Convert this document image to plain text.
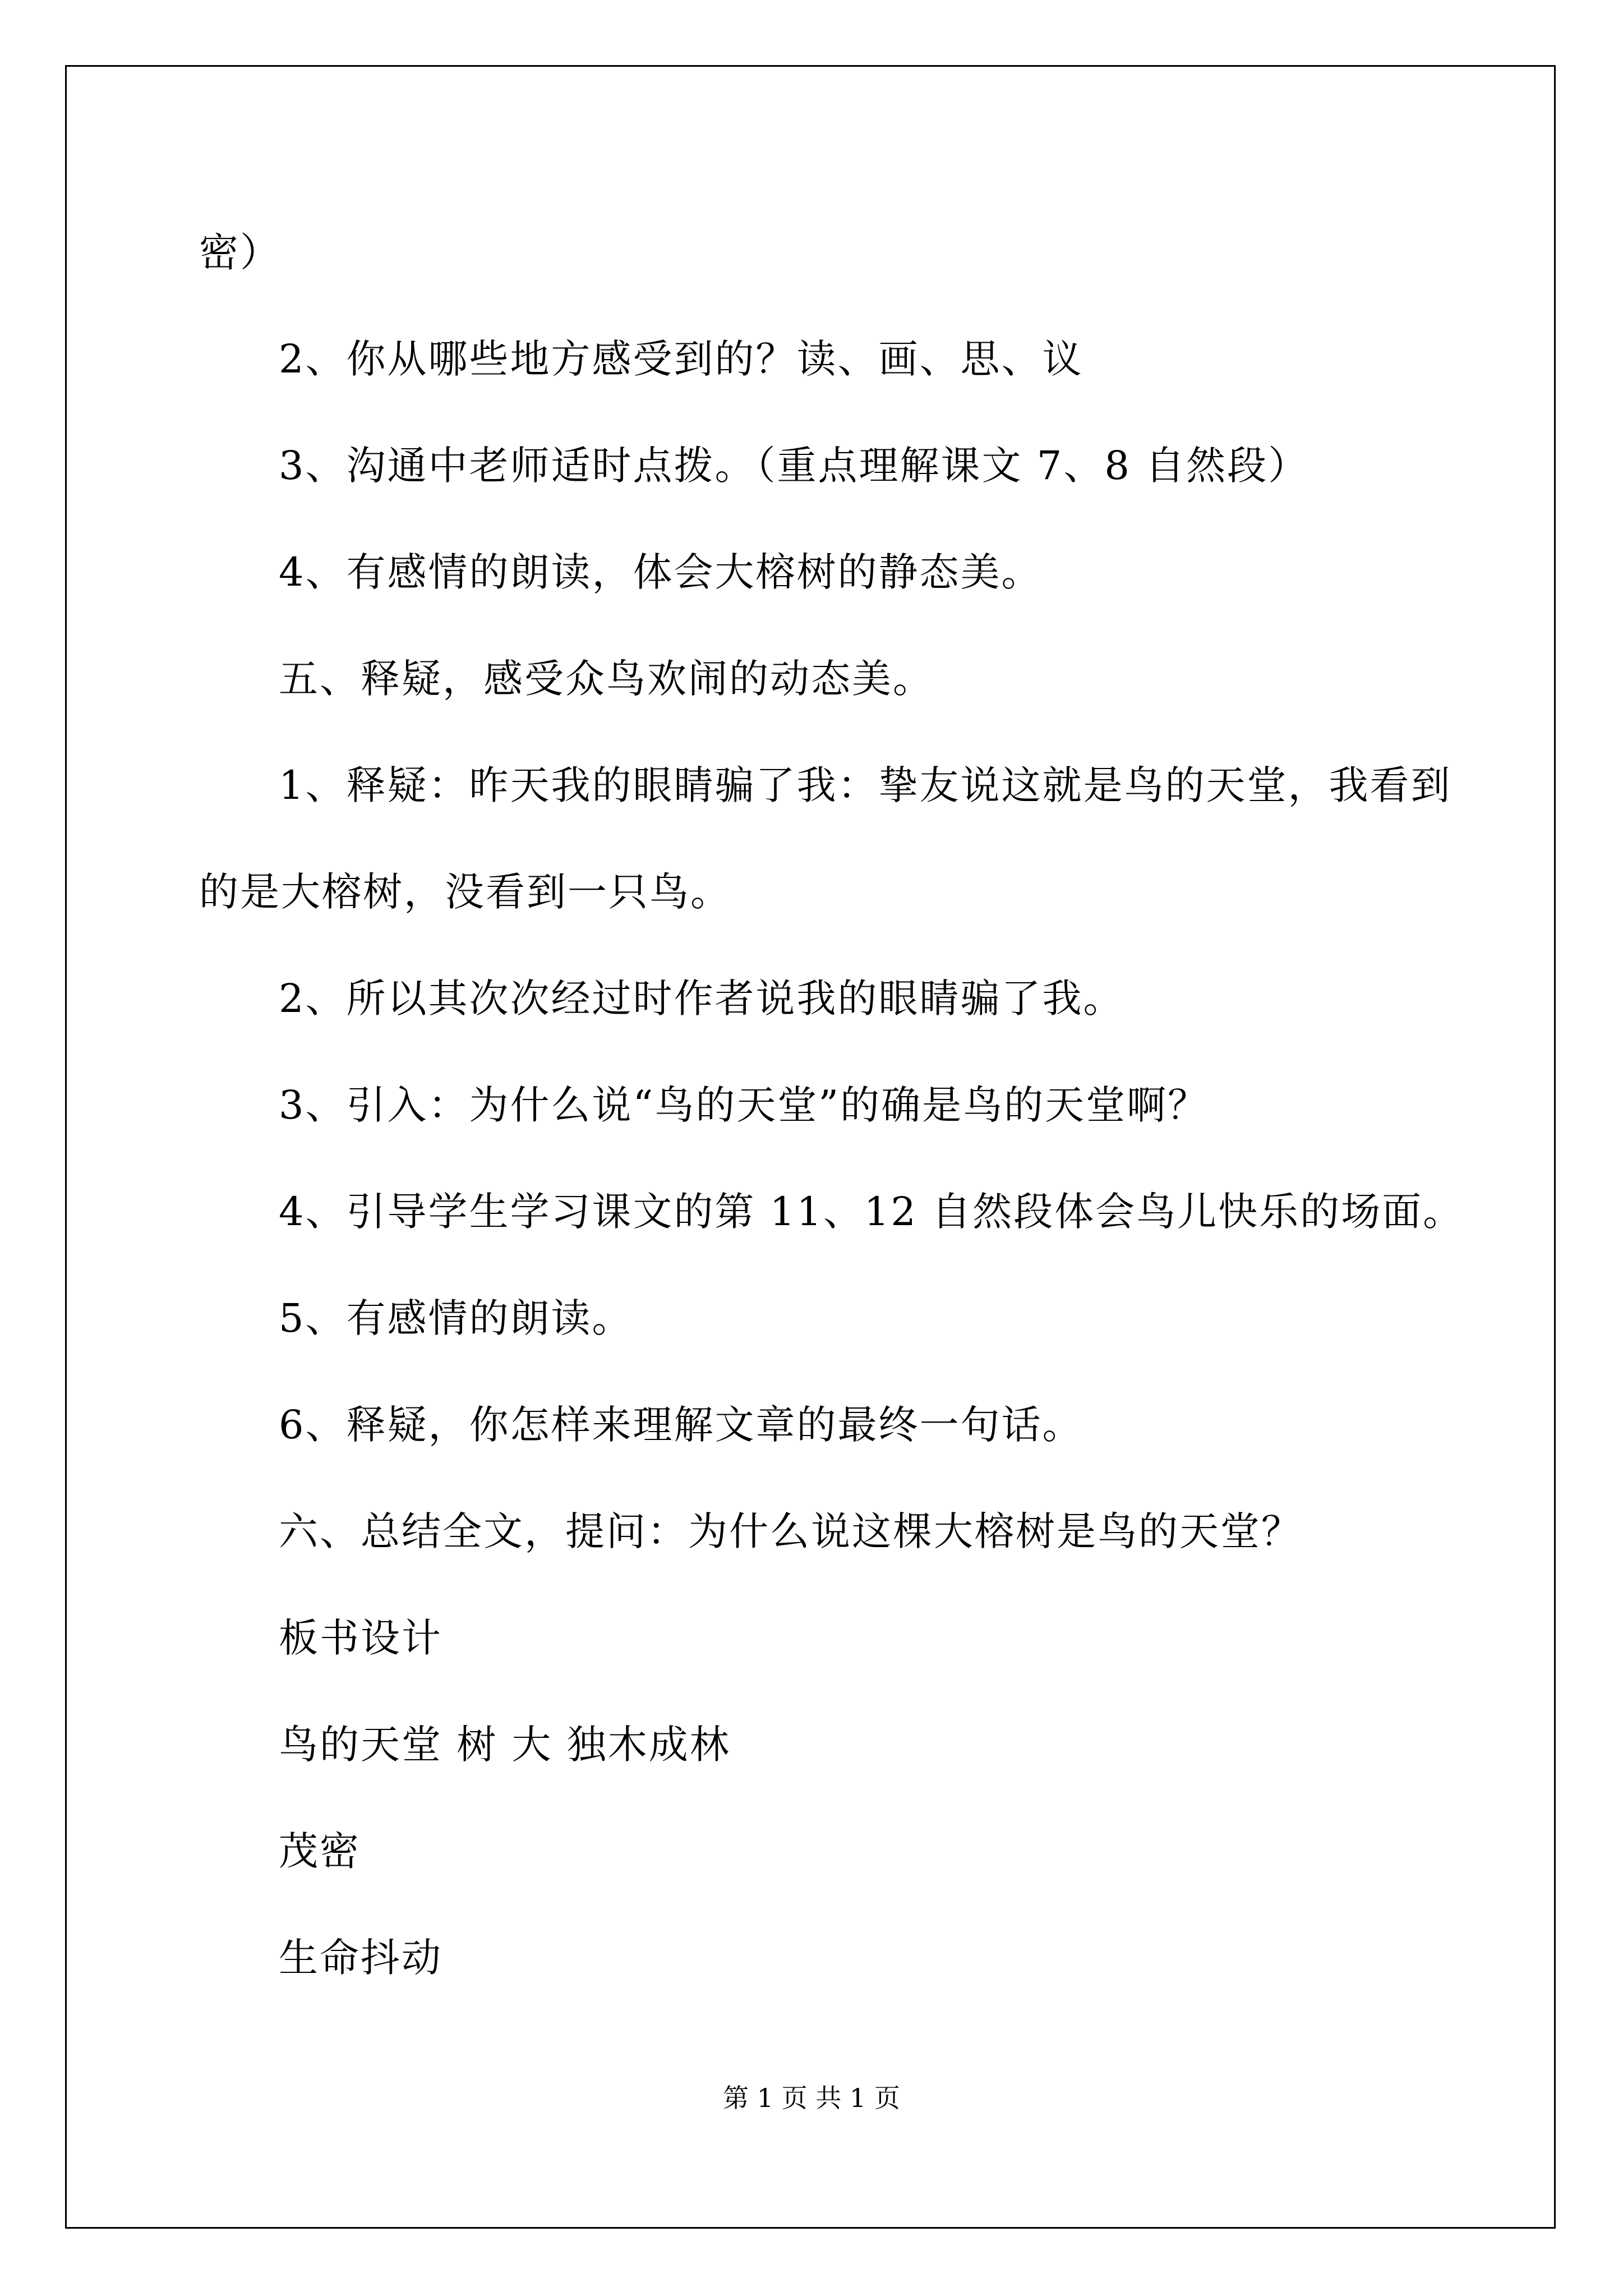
密）
2、你从哪些地方感受到的？读、画、思、议
3、沟通中老师适时点拨。（重点理解课文 7、8 自然段）
4、有感情的朗读，体会大榕树的静态美。
五、释疑，感受众鸟欢闹的动态美。
1、释疑：昨天我的眼睛骗了我：挚友说这就是鸟的天堂，我看到
的是大榕树，没看到一只鸟。
2、所以其次次经过时作者说我的眼睛骗了我。
3、引入：为什么说“鸟的天堂”的确是鸟的天堂啊？
4、引导学生学习课文的第 11、12 自然段体会鸟儿快乐的场面。
5、有感情的朗读。
6、释疑，你怎样来理解文章的最终一句话。
六、总结全文，提问：为什么说这棵大榕树是鸟的天堂？
板书设计
鸟的天堂 树 大 独木成林
茂密
生命抖动
第 1 页 共 1 页
